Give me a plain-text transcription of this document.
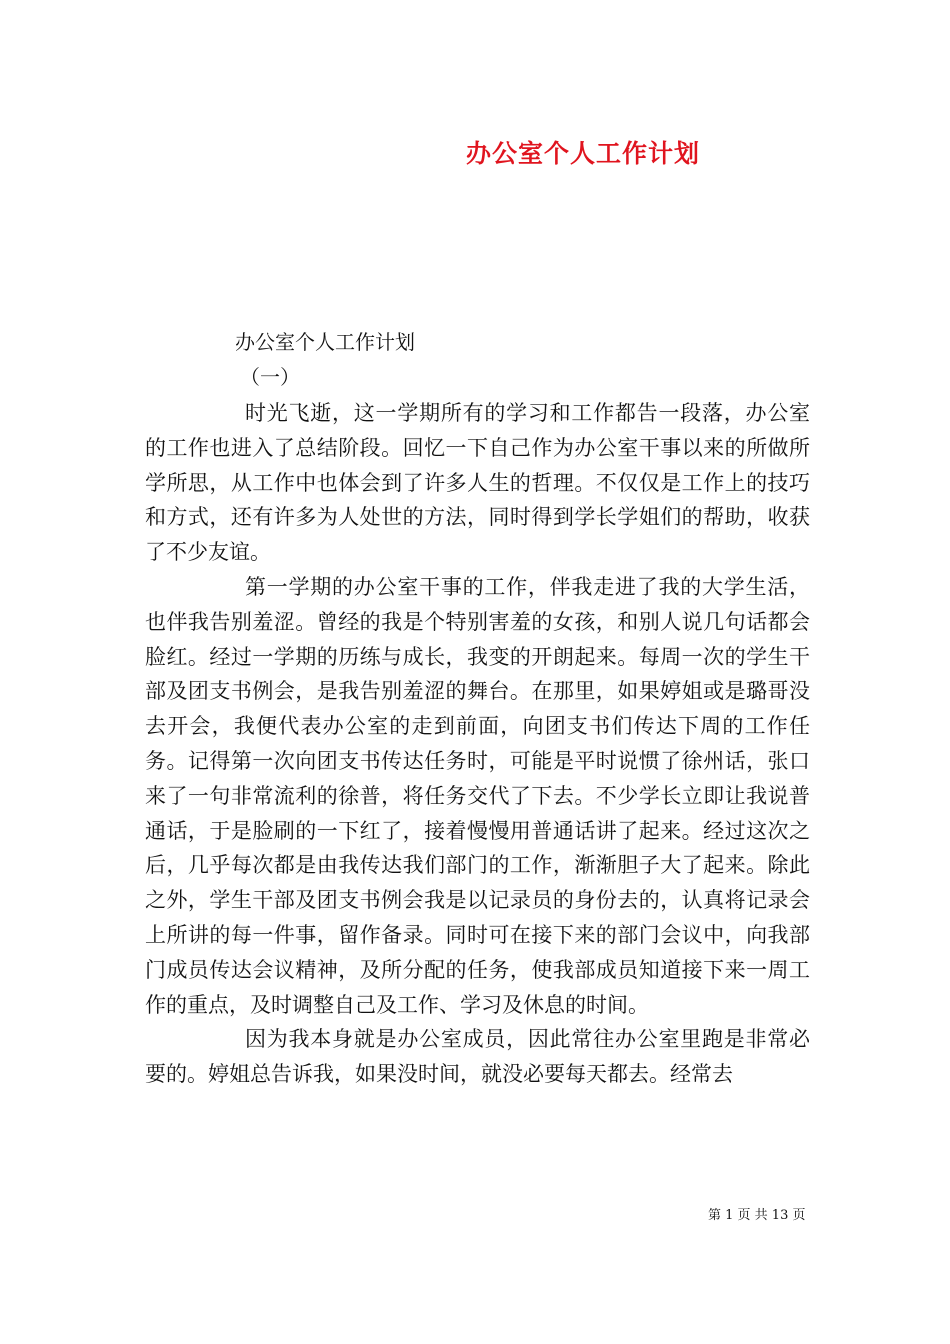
办公室个人工作计划
办公室个人工作计划
（一）

时光飞逝，这一学期所有的学习和工作都告一段落，办公室的工作也进入了总结阶段。回忆一下自己作为办公室干事以来的所做所学所思，从工作中也体会到了许多人生的哲理。不仅仅是工作上的技巧和方式，还有许多为人处世的方法，同时得到学长学姐们的帮助，收获了不少友谊。

第一学期的办公室干事的工作，伴我走进了我的大学生活，也伴我告别羞涩。曾经的我是个特别害羞的女孩，和别人说几句话都会脸红。经过一学期的历练与成长，我变的开朗起来。每周一次的学生干部及团支书例会，是我告别羞涩的舞台。在那里，如果婷姐或是璐哥没去开会，我便代表办公室的走到前面，向团支书们传达下周的工作任务。记得第一次向团支书传达任务时，可能是平时说惯了徐州话，张口来了一句非常流利的徐普，将任务交代了下去。不少学长立即让我说普通话，于是脸刷的一下红了，接着慢慢用普通话讲了起来。经过这次之后，几乎每次都是由我传达我们部门的工作，渐渐胆子大了起来。除此之外，学生干部及团支书例会我是以记录员的身份去的，认真将记录会上所讲的每一件事，留作备录。同时可在接下来的部门会议中，向我部门成员传达会议精神，及所分配的任务，使我部成员知道接下来一周工作的重点，及时调整自己及工作、学习及休息的时间。

因为我本身就是办公室成员，因此常往办公室里跑是非常必要的。婷姐总告诉我，如果没时间，就没必要每天都去。经常去

第 1 页 共 13 页
